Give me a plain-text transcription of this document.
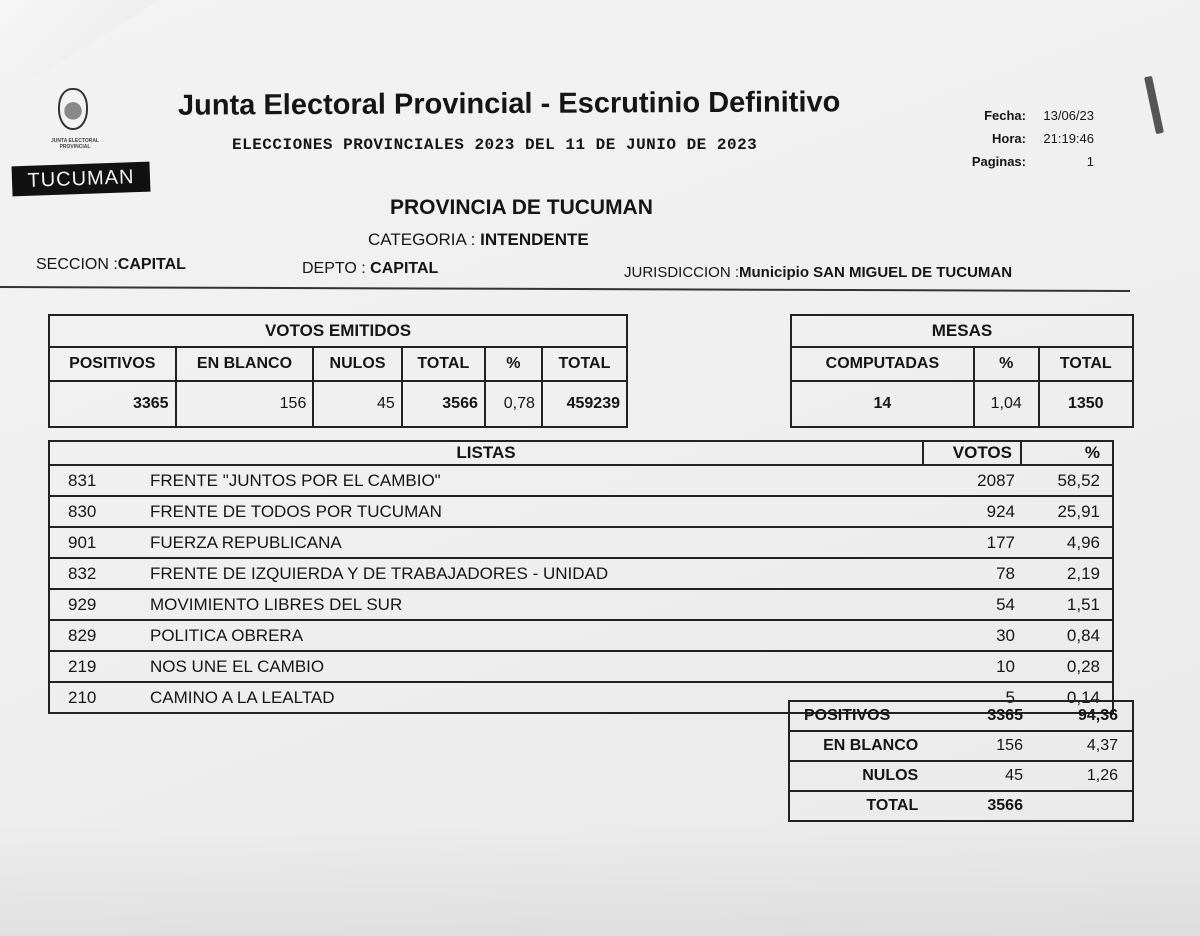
JUNTA ELECTORAL PROVINCIAL
TUCUMAN
Junta Electoral Provincial - Escrutinio Definitivo
ELECCIONES PROVINCIALES 2023 DEL 11 DE JUNIO DE 2023
Fecha:	13/06/23
Hora:	21:19:46
Paginas:	1
PROVINCIA DE TUCUMAN
CATEGORIA : INTENDENTE
SECCION :CAPITAL	DEPTO : CAPITAL	JURISDICCION :Municipio SAN MIGUEL DE TUCUMAN
VOTOS EMITIDOS					
POSITIVOS	EN BLANCO	NULOS	TOTAL	%	TOTAL
3365	156	45	3566	0,78	459239
MESAS		
COMPUTADAS	%	TOTAL
14	1,04	1350
LISTAS		VOTOS	%
831	FRENTE "JUNTOS POR EL CAMBIO"	2087	58,52
830	FRENTE DE TODOS POR TUCUMAN	924	25,91
901	FUERZA REPUBLICANA	177	4,96
832	FRENTE DE IZQUIERDA Y DE TRABAJADORES - UNIDAD	78	2,19
929	MOVIMIENTO LIBRES DEL SUR	54	1,51
829	POLITICA OBRERA	30	0,84
219	NOS UNE EL CAMBIO	10	0,28
210	CAMINO A LA LEALTAD	5	0,14
POSITIVOS	3365	94,36
EN BLANCO	156	4,37
NULOS	45	1,26
TOTAL	3566	
